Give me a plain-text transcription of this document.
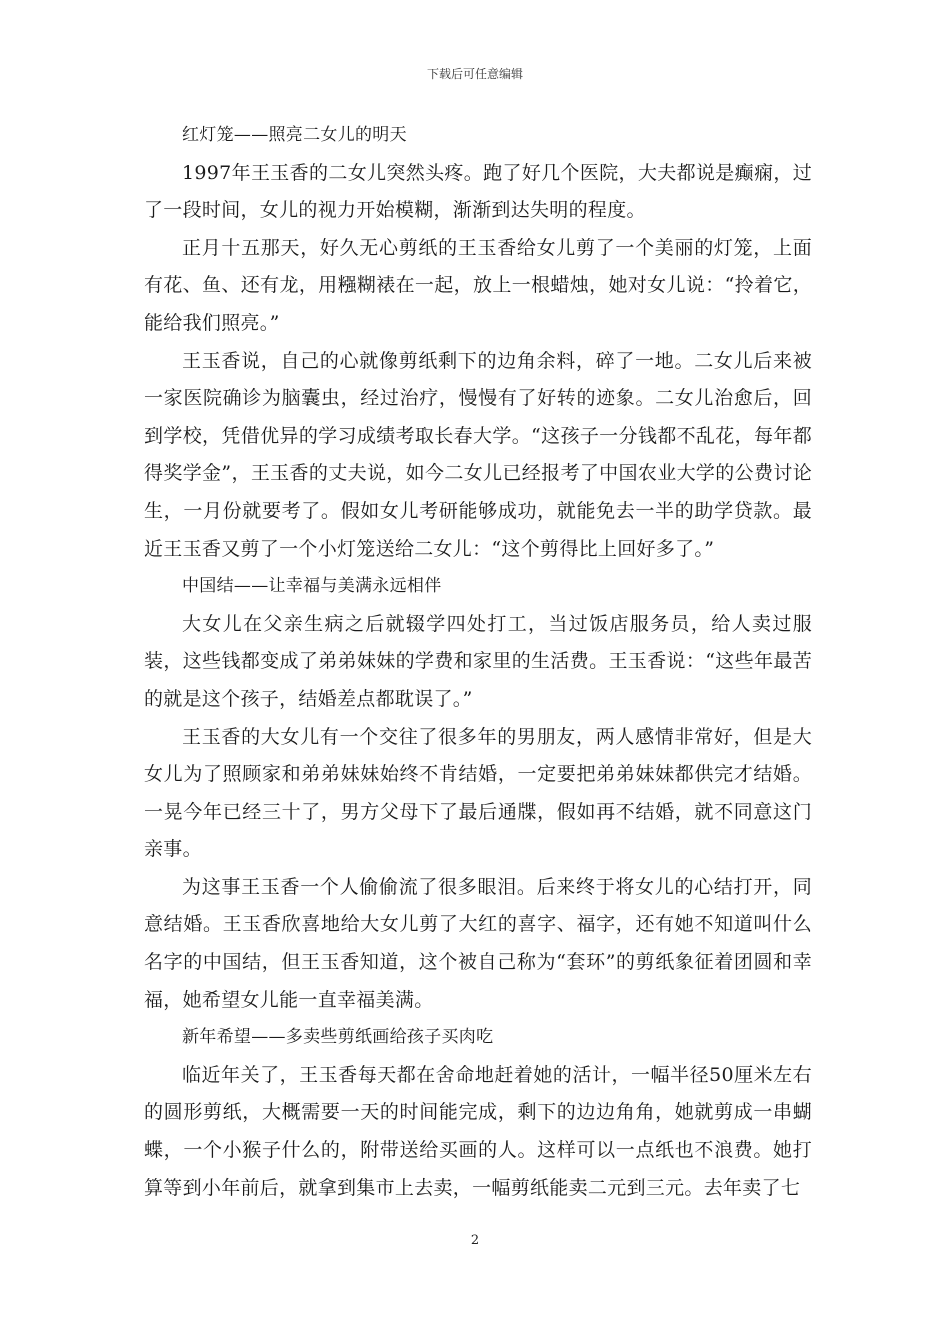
下载后可任意编辑

红灯笼——照亮二女儿的明天

1997年王玉香的二女儿突然头疼。跑了好几个医院，大夫都说是癫痫，过了一段时间，女儿的视力开始模糊，渐渐到达失明的程度。

正月十五那天，好久无心剪纸的王玉香给女儿剪了一个美丽的灯笼，上面有花、鱼、还有龙，用糨糊裱在一起，放上一根蜡烛，她对女儿说：“拎着它，能给我们照亮。”

王玉香说，自己的心就像剪纸剩下的边角余料，碎了一地。二女儿后来被一家医院确诊为脑囊虫，经过治疗，慢慢有了好转的迹象。二女儿治愈后，回到学校，凭借优异的学习成绩考取长春大学。“这孩子一分钱都不乱花，每年都得奖学金”，王玉香的丈夫说，如今二女儿已经报考了中国农业大学的公费讨论生，一月份就要考了。假如女儿考研能够成功，就能免去一半的助学贷款。最近王玉香又剪了一个小灯笼送给二女儿：“这个剪得比上回好多了。”

中国结——让幸福与美满永远相伴

大女儿在父亲生病之后就辍学四处打工，当过饭店服务员，给人卖过服装，这些钱都变成了弟弟妹妹的学费和家里的生活费。王玉香说：“这些年最苦的就是这个孩子，结婚差点都耽误了。”

王玉香的大女儿有一个交往了很多年的男朋友，两人感情非常好，但是大女儿为了照顾家和弟弟妹妹始终不肯结婚，一定要把弟弟妹妹都供完才结婚。一晃今年已经三十了，男方父母下了最后通牒，假如再不结婚，就不同意这门亲事。

为这事王玉香一个人偷偷流了很多眼泪。后来终于将女儿的心结打开，同意结婚。王玉香欣喜地给大女儿剪了大红的喜字、福字，还有她不知道叫什么名字的中国结，但王玉香知道，这个被自己称为“套环”的剪纸象征着团圆和幸福，她希望女儿能一直幸福美满。

新年希望——多卖些剪纸画给孩子买肉吃

临近年关了，王玉香每天都在舍命地赶着她的活计，一幅半径50厘米左右的圆形剪纸，大概需要一天的时间能完成，剩下的边边角角，她就剪成一串蝴蝶，一个小猴子什么的，附带送给买画的人。这样可以一点纸也不浪费。她打算等到小年前后，就拿到集市上去卖，一幅剪纸能卖二元到三元。去年卖了七

2
